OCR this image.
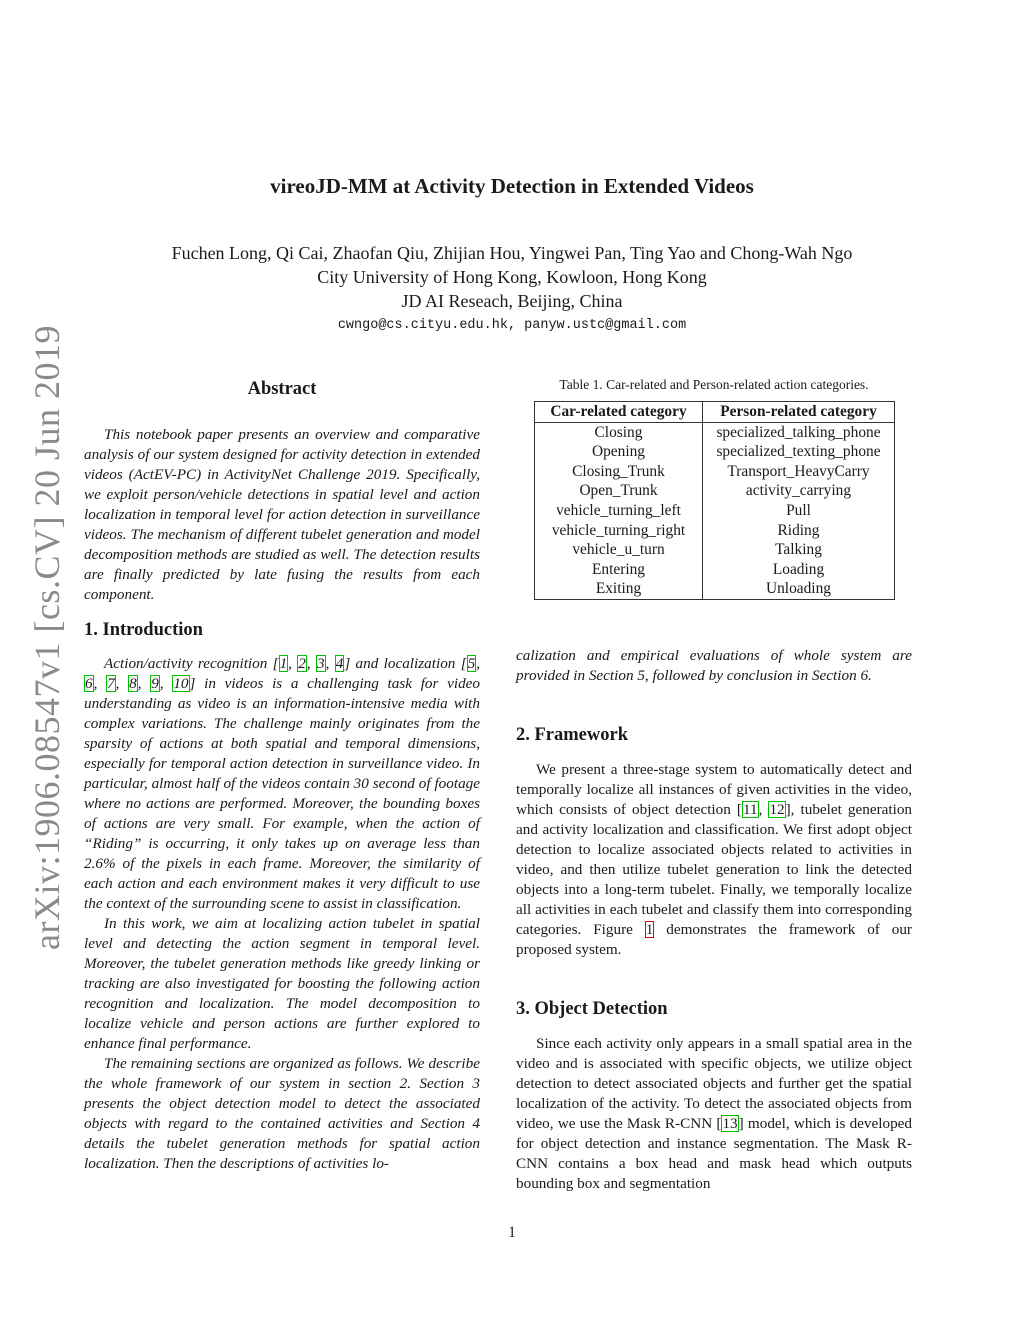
arXiv:1906.08547v1 [cs.CV] 20 Jun 2019
vireoJD-MM at Activity Detection in Extended Videos
Fuchen Long, Qi Cai, Zhaofan Qiu, Zhijian Hou, Yingwei Pan, Ting Yao and Chong-Wah Ngo
City University of Hong Kong, Kowloon, Hong Kong
JD AI Reseach, Beijing, China
cwngo@cs.cityu.edu.hk, panyw.ustc@gmail.com
Abstract

This notebook paper presents an overview and comparative analysis of our system designed for activity detection in extended videos (ActEV-PC) in ActivityNet Challenge 2019. Specifically, we exploit person/vehicle detections in spatial level and action localization in temporal level for action detection in surveillance videos. The mechanism of different tubelet generation and model decomposition methods are studied as well. The detection results are finally predicted by late fusing the results from each component.

1. Introduction

Action/activity recognition [1, 2, 3, 4] and localization [5, 6, 7, 8, 9, 10] in videos is a challenging task for video understanding as video is an information-intensive media with complex variations. The challenge mainly originates from the sparsity of actions at both spatial and temporal dimensions, especially for temporal action detection in surveillance video. In particular, almost half of the videos contain 30 second of footage where no actions are performed. Moreover, the bounding boxes of actions are very small. For example, when the action of “Riding” is occurring, it only takes up on average less than 2.6% of the pixels in each frame. Moreover, the similarity of each action and each environment makes it very difficult to use the context of the surrounding scene to assist in classification.

In this work, we aim at localizing action tubelet in spatial level and detecting the action segment in temporal level. Moreover, the tubelet generation methods like greedy linking or tracking are also investigated for boosting the following action recognition and localization. The model decomposition to localize vehicle and person actions are further explored to enhance final performance.

The remaining sections are organized as follows. We describe the whole framework of our system in section 2. Section 3 presents the object detection model to detect the associated objects with regard to the contained activities and Section 4 details the tubelet generation methods for spatial action localization. Then the descriptions of activities lo-

Table 1. Car-related and Person-related action categories.
Car-related category	Person-related category
Closing	specialized_talking_phone
Opening	specialized_texting_phone
Closing_Trunk	Transport_HeavyCarry
Open_Trunk	activity_carrying
vehicle_turning_left	Pull
vehicle_turning_right	Riding
vehicle_u_turn	Talking
Entering	Loading
Exiting	Unloading

calization and empirical evaluations of whole system are provided in Section 5, followed by conclusion in Section 6.

2. Framework

We present a three-stage system to automatically detect and temporally localize all instances of given activities in the video, which consists of object detection [11, 12], tubelet generation and activity localization and classification. We first adopt object detection to localize associated objects related to activities in video, and then utilize tubelet generation to link the detected objects into a long-term tubelet. Finally, we temporally localize all activities in each tubelet and classify them into corresponding categories. Figure 1 demonstrates the framework of our proposed system.

3. Object Detection

Since each activity only appears in a small spatial area in the video and is associated with specific objects, we utilize object detection to detect associated objects and further get the spatial localization of the activity. To detect the associated objects from video, we use the Mask R-CNN [13] model, which is developed for object detection and instance segmentation. The Mask R-CNN contains a box head and mask head which outputs bounding box and segmentation

1
